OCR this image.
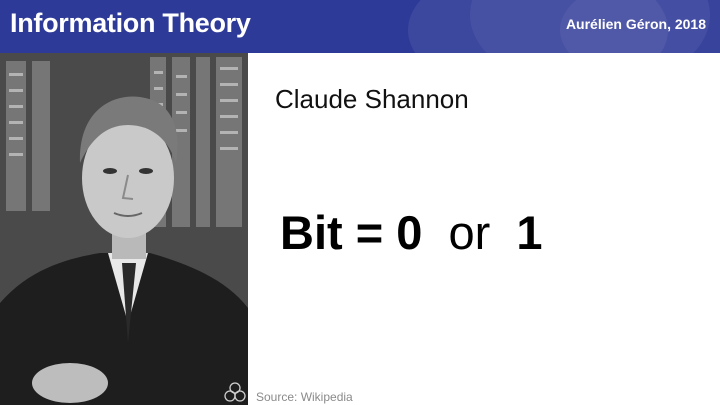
Information Theory	Aurélien Géron, 2018
Claude Shannon
Bit = 0 or 1
Source: Wikipedia
